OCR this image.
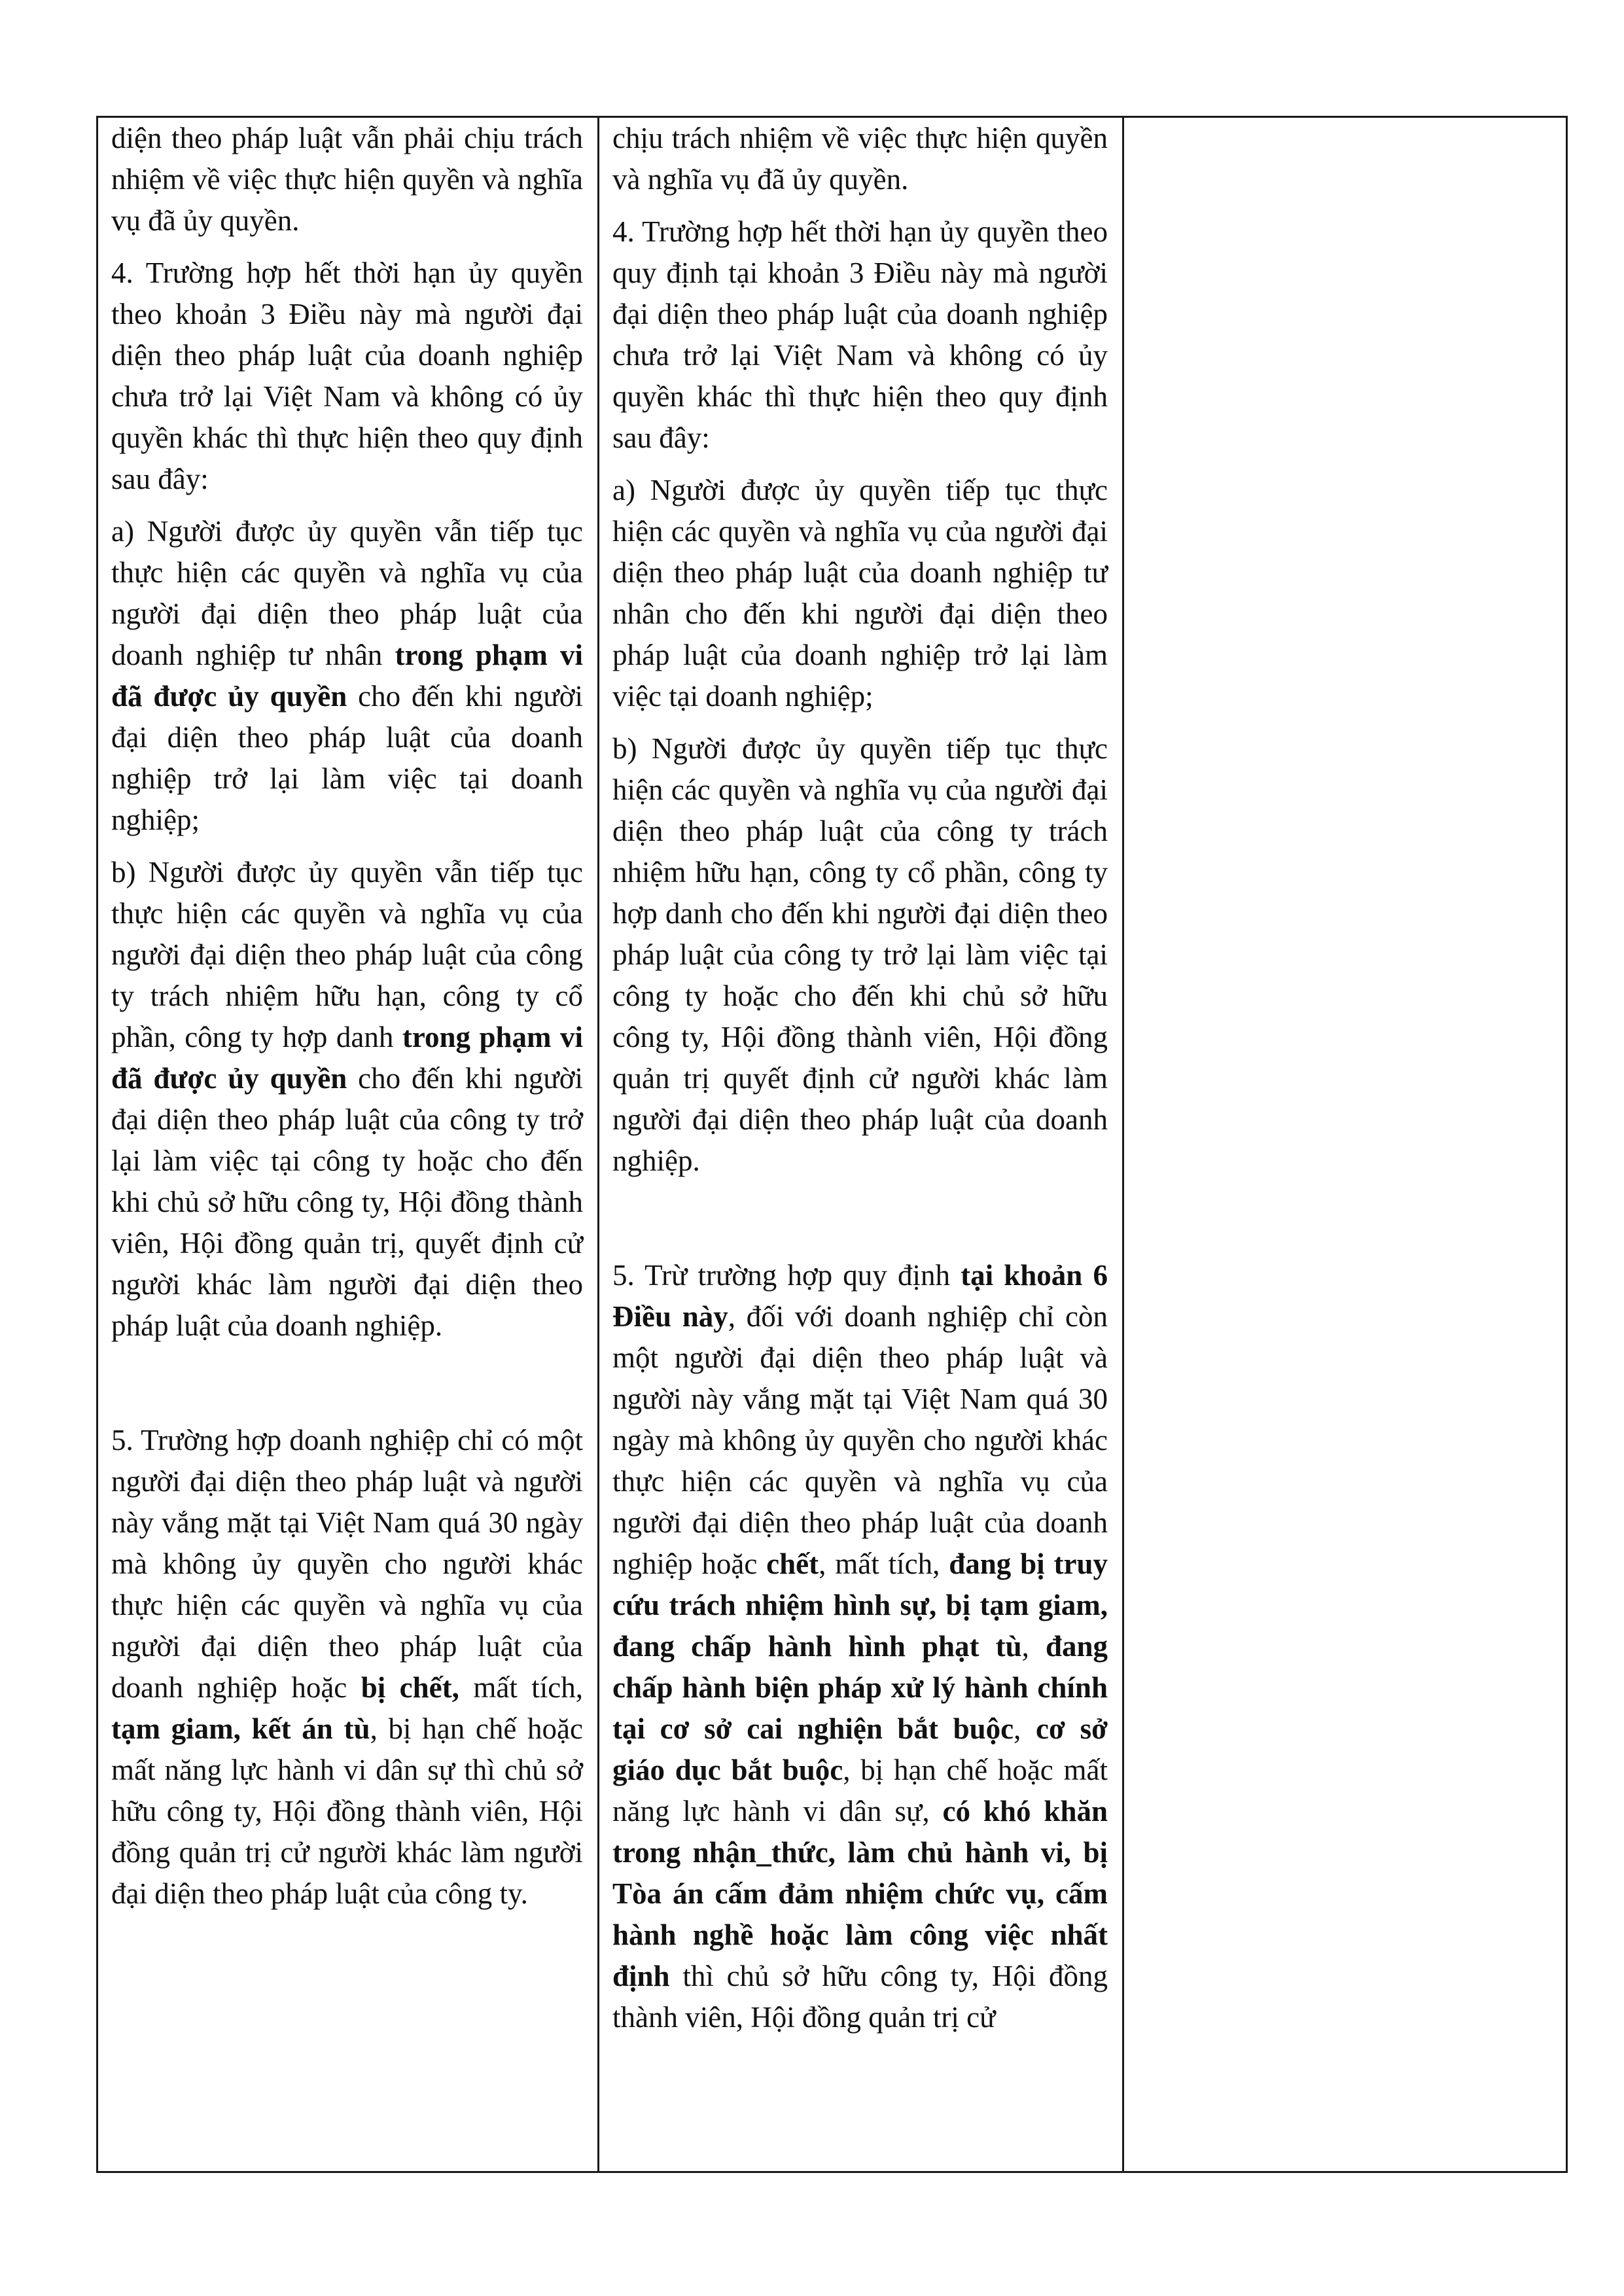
diện theo pháp luật vẫn phải chịu trách nhiệm về việc thực hiện quyền và nghĩa vụ đã ủy quyền.

4. Trường hợp hết thời hạn ủy quyền theo khoản 3 Điều này mà người đại diện theo pháp luật của doanh nghiệp chưa trở lại Việt Nam và không có ủy quyền khác thì thực hiện theo quy định sau đây:

a) Người được ủy quyền vẫn tiếp tục thực hiện các quyền và nghĩa vụ của người đại diện theo pháp luật của doanh nghiệp tư nhân trong phạm vi đã được ủy quyền cho đến khi người đại diện theo pháp luật của doanh nghiệp trở lại làm việc tại doanh nghiệp;

b) Người được ủy quyền vẫn tiếp tục thực hiện các quyền và nghĩa vụ của người đại diện theo pháp luật của công ty trách nhiệm hữu hạn, công ty cổ phần, công ty hợp danh trong phạm vi đã được ủy quyền cho đến khi người đại diện theo pháp luật của công ty trở lại làm việc tại công ty hoặc cho đến khi chủ sở hữu công ty, Hội đồng thành viên, Hội đồng quản trị, quyết định cử người khác làm người đại diện theo pháp luật của doanh nghiệp.

5. Trường hợp doanh nghiệp chỉ có một người đại diện theo pháp luật và người này vắng mặt tại Việt Nam quá 30 ngày mà không ủy quyền cho người khác thực hiện các quyền và nghĩa vụ của người đại diện theo pháp luật của doanh nghiệp hoặc bị chết, mất tích, tạm giam, kết án tù, bị hạn chế hoặc mất năng lực hành vi dân sự thì chủ sở hữu công ty, Hội đồng thành viên, Hội đồng quản trị cử người khác làm người đại diện theo pháp luật của công ty.

chịu trách nhiệm về việc thực hiện quyền và nghĩa vụ đã ủy quyền.

4. Trường hợp hết thời hạn ủy quyền theo quy định tại khoản 3 Điều này mà người đại diện theo pháp luật của doanh nghiệp chưa trở lại Việt Nam và không có ủy quyền khác thì thực hiện theo quy định sau đây:

a) Người được ủy quyền tiếp tục thực hiện các quyền và nghĩa vụ của người đại diện theo pháp luật của doanh nghiệp tư nhân cho đến khi người đại diện theo pháp luật của doanh nghiệp trở lại làm việc tại doanh nghiệp;

b) Người được ủy quyền tiếp tục thực hiện các quyền và nghĩa vụ của người đại diện theo pháp luật của công ty trách nhiệm hữu hạn, công ty cổ phần, công ty hợp danh cho đến khi người đại diện theo pháp luật của công ty trở lại làm việc tại công ty hoặc cho đến khi chủ sở hữu công ty, Hội đồng thành viên, Hội đồng quản trị quyết định cử người khác làm người đại diện theo pháp luật của doanh nghiệp.

5. Trừ trường hợp quy định tại khoản 6 Điều này, đối với doanh nghiệp chỉ còn một người đại diện theo pháp luật và người này vắng mặt tại Việt Nam quá 30 ngày mà không ủy quyền cho người khác thực hiện các quyền và nghĩa vụ của người đại diện theo pháp luật của doanh nghiệp hoặc chết, mất tích, đang bị truy cứu trách nhiệm hình sự, bị tạm giam, đang chấp hành hình phạt tù, đang chấp hành biện pháp xử lý hành chính tại cơ sở cai nghiện bắt buộc, cơ sở giáo dục bắt buộc, bị hạn chế hoặc mất năng lực hành vi dân sự, có khó khăn trong nhận_thức, làm chủ hành vi, bị Tòa án cấm đảm nhiệm chức vụ, cấm hành nghề hoặc làm công việc nhất định thì chủ sở hữu công ty, Hội đồng thành viên, Hội đồng quản trị cử
